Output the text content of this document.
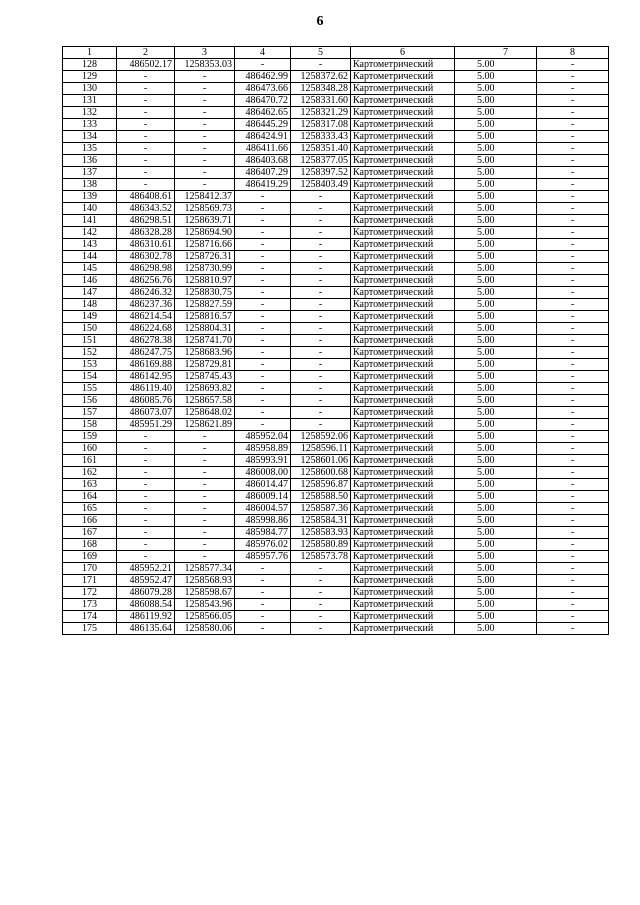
6
1	2	3	4	5	6	7	8
128	486502.17	1258353.03	-	-	Картометрический	5.00	-
129	-	-	486462.99	1258372.62	Картометрический	5.00	-
130	-	-	486473.66	1258348.28	Картометрический	5.00	-
131	-	-	486470.72	1258331.60	Картометрический	5.00	-
132	-	-	486462.65	1258321.29	Картометрический	5.00	-
133	-	-	486445.29	1258317.08	Картометрический	5.00	-
134	-	-	486424.91	1258333.43	Картометрический	5.00	-
135	-	-	486411.66	1258351.40	Картометрический	5.00	-
136	-	-	486403.68	1258377.05	Картометрический	5.00	-
137	-	-	486407.29	1258397.52	Картометрический	5.00	-
138	-	-	486419.29	1258403.49	Картометрический	5.00	-
139	486408.61	1258412.37	-	-	Картометрический	5.00	-
140	486343.52	1258569.73	-	-	Картометрический	5.00	-
141	486298.51	1258639.71	-	-	Картометрический	5.00	-
142	486328.28	1258694.90	-	-	Картометрический	5.00	-
143	486310.61	1258716.66	-	-	Картометрический	5.00	-
144	486302.78	1258726.31	-	-	Картометрический	5.00	-
145	486298.98	1258730.99	-	-	Картометрический	5.00	-
146	486256.76	1258810.97	-	-	Картометрический	5.00	-
147	486246.32	1258830.75	-	-	Картометрический	5.00	-
148	486237.36	1258827.59	-	-	Картометрический	5.00	-
149	486214.54	1258816.57	-	-	Картометрический	5.00	-
150	486224.68	1258804.31	-	-	Картометрический	5.00	-
151	486278.38	1258741.70	-	-	Картометрический	5.00	-
152	486247.75	1258683.96	-	-	Картометрический	5.00	-
153	486169.88	1258729.81	-	-	Картометрический	5.00	-
154	486142.95	1258745.43	-	-	Картометрический	5.00	-
155	486119.40	1258693.82	-	-	Картометрический	5.00	-
156	486085.76	1258657.58	-	-	Картометрический	5.00	-
157	486073.07	1258648.02	-	-	Картометрический	5.00	-
158	485951.29	1258621.89	-	-	Картометрический	5.00	-
159	-	-	485952.04	1258592.06	Картометрический	5.00	-
160	-	-	485958.89	1258596.11	Картометрический	5.00	-
161	-	-	485993.91	1258601.06	Картометрический	5.00	-
162	-	-	486008.00	1258600.68	Картометрический	5.00	-
163	-	-	486014.47	1258596.87	Картометрический	5.00	-
164	-	-	486009.14	1258588.50	Картометрический	5.00	-
165	-	-	486004.57	1258587.36	Картометрический	5.00	-
166	-	-	485998.86	1258584.31	Картометрический	5.00	-
167	-	-	485984.77	1258583.93	Картометрический	5.00	-
168	-	-	485976.02	1258580.89	Картометрический	5.00	-
169	-	-	485957.76	1258573.78	Картометрический	5.00	-
170	485952.21	1258577.34	-	-	Картометрический	5.00	-
171	485952.47	1258568.93	-	-	Картометрический	5.00	-
172	486079.28	1258598.67	-	-	Картометрический	5.00	-
173	486088.54	1258543.96	-	-	Картометрический	5.00	-
174	486119.92	1258566.05	-	-	Картометрический	5.00	-
175	486135.64	1258580.06	-	-	Картометрический	5.00	-
